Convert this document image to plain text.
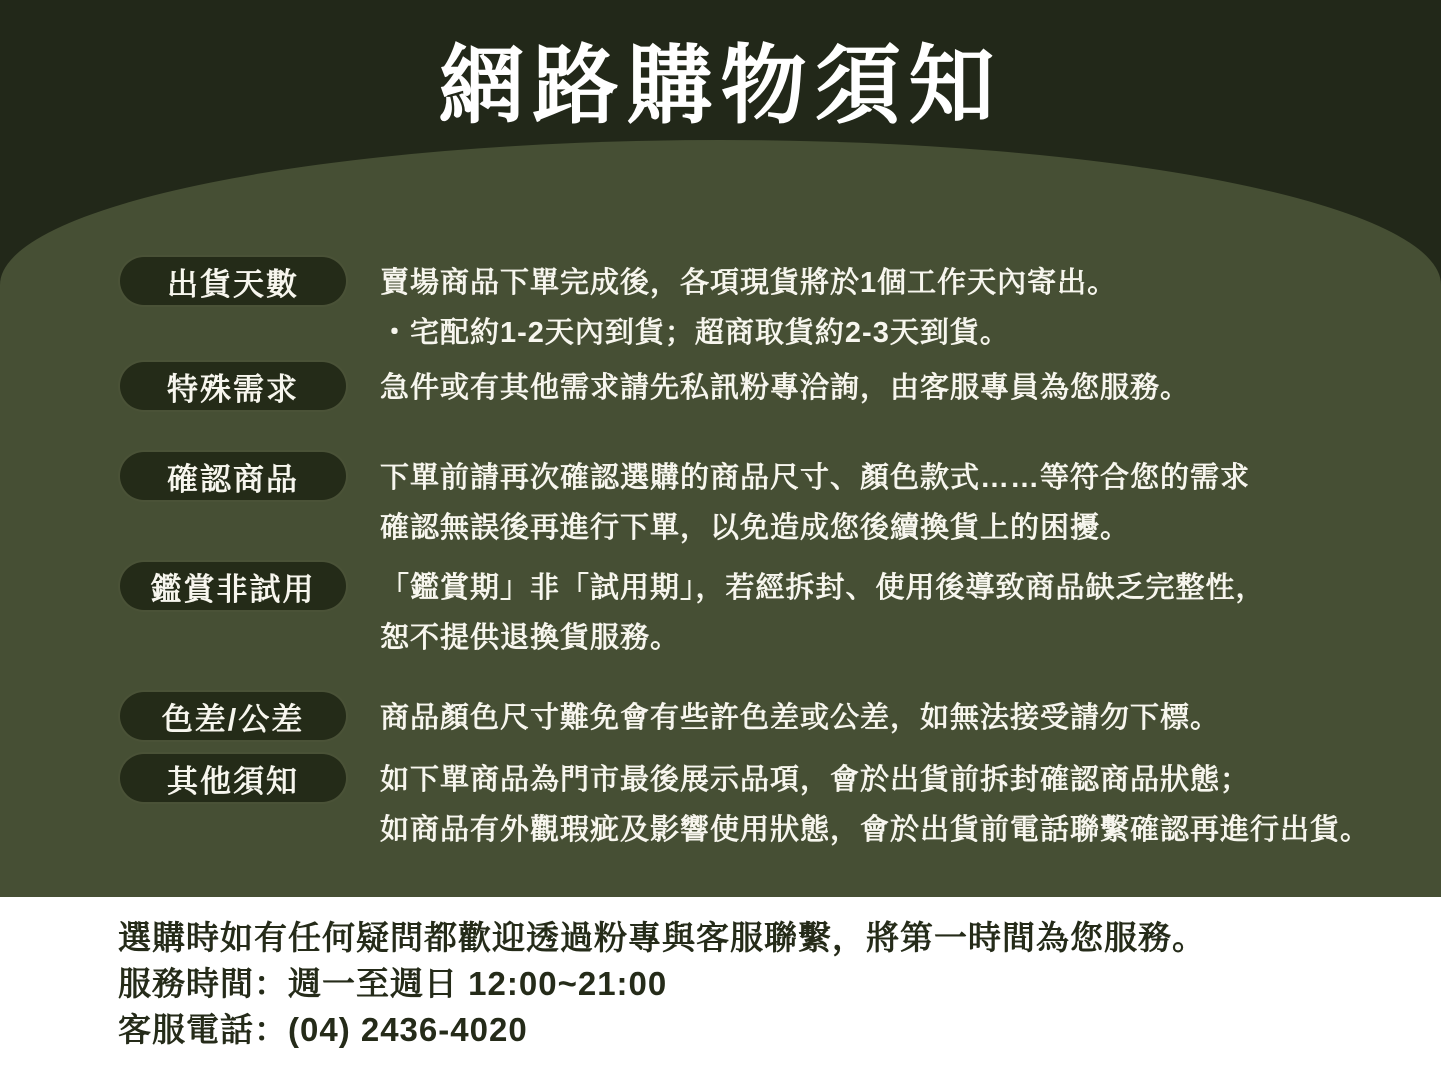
網路購物須知
出貨天數	賣場商品下單完成後，各項現貨將於1個工作天內寄出。
・宅配約1-2天內到貨；超商取貨約2-3天到貨。
特殊需求	急件或有其他需求請先私訊粉專洽詢，由客服專員為您服務。
確認商品	下單前請再次確認選購的商品尺寸、顏色款式……等符合您的需求
確認無誤後再進行下單，以免造成您後續換貨上的困擾。
鑑賞非試用	「鑑賞期」非「試用期」，若經拆封、使用後導致商品缺乏完整性，
恕不提供退換貨服務。
色差/公差	商品顏色尺寸難免會有些許色差或公差，如無法接受請勿下標。
其他須知	如下單商品為門市最後展示品項，會於出貨前拆封確認商品狀態；
如商品有外觀瑕疵及影響使用狀態，會於出貨前電話聯繫確認再進行出貨。
選購時如有任何疑問都歡迎透過粉專與客服聯繫，將第一時間為您服務。
服務時間：週一至週日 12:00~21:00
客服電話：(04) 2436-4020
